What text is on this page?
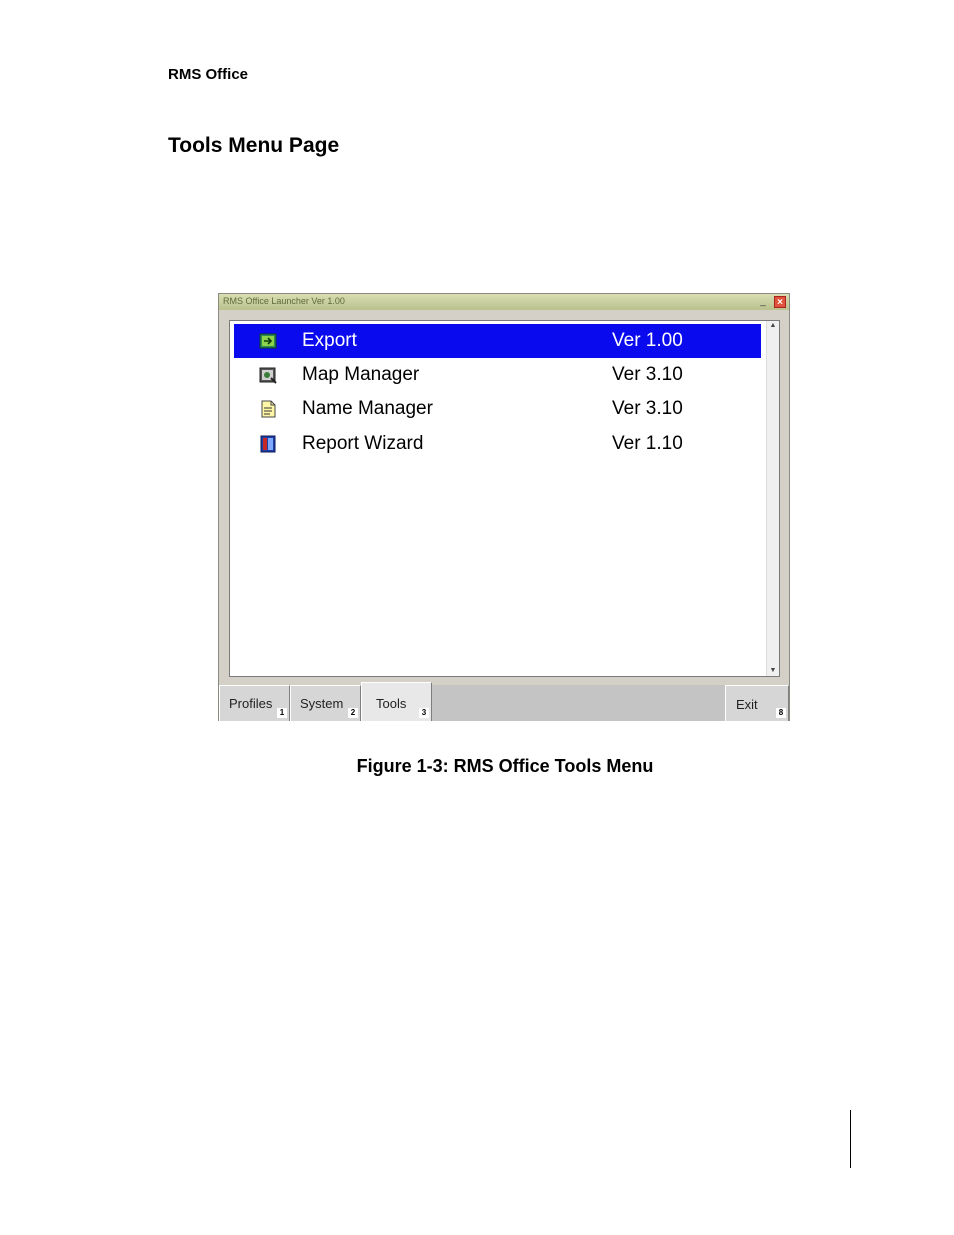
RMS Office
Tools Menu Page
RMS Office Launcher Ver 1.00	_	×
Export	Ver 1.00
Map Manager	Ver 3.10
Name Manager	Ver 3.10
Report Wizard	Ver 1.10
▲
▼
Profiles
1
System
2
Tools
3
Exit
8
Figure 1-3: RMS Office Tools Menu
